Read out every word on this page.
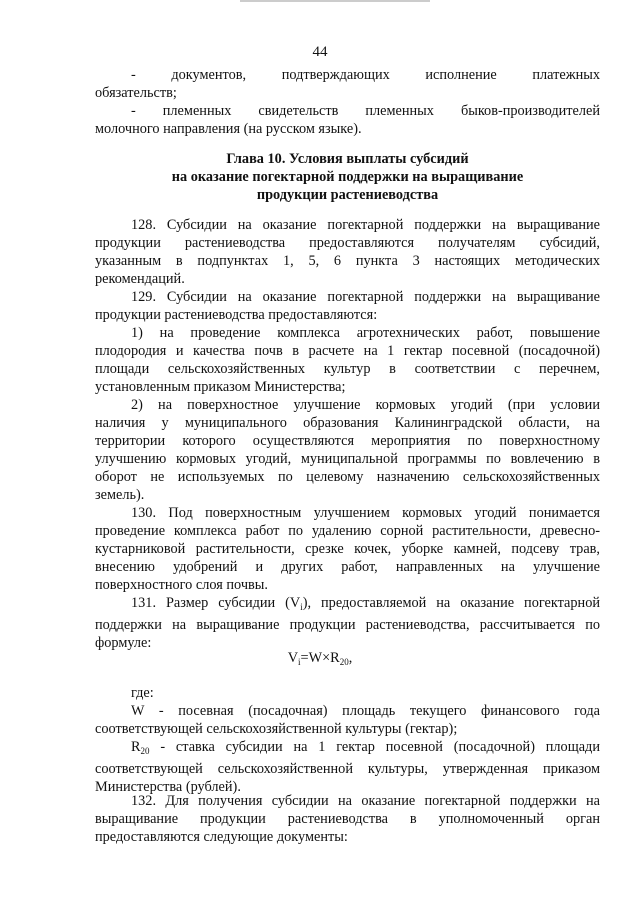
44
- документов, подтверждающих исполнение платежных
обязательств;
- племенных свидетельств племенных быков-производителей
молочного направления (на русском языке).
Глава 10. Условия выплаты субсидий
на оказание погектарной поддержки на выращивание
продукции растениеводства
128. Субсидии на оказание погектарной поддержки на выращивание
продукции растениеводства предоставляются получателям субсидий,
указанным в подпунктах 1, 5, 6 пункта 3 настоящих методических
рекомендаций.
129. Субсидии на оказание погектарной поддержки на выращивание
продукции растениеводства предоставляются:
1) на проведение комплекса агротехнических работ, повышение
плодородия и качества почв в расчете на 1 гектар посевной (посадочной)
площади сельскохозяйственных культур в соответствии с перечнем,
установленным приказом Министерства;
2) на поверхностное улучшение кормовых угодий (при условии
наличия у муниципального образования Калининградской области, на
территории которого осуществляются мероприятия по поверхностному
улучшению кормовых угодий, муниципальной программы по вовлечению в
оборот не используемых по целевому назначению сельскохозяйственных
земель).
130. Под поверхностным улучшением кормовых угодий понимается
проведение комплекса работ по удалению сорной растительности, древесно-
кустарниковой растительности, срезке кочек, уборке камней, подсеву трав,
внесению удобрений и других работ, направленных на улучшение
поверхностного слоя почвы.
131. Размер субсидии $(V_i)$, предоставляемой на оказание погектарной
поддержки на выращивание продукции растениеводства, рассчитывается по
формуле:
$V_i=W\times R_{20}$,
где:
W - посевная (посадочная) площадь текущего финансового года
соответствующей сельскохозяйственной культуры (гектар);
$R_{20}$ - ставка субсидии на 1 гектар посевной (посадочной) площади
соответствующей сельскохозяйственной культуры, утвержденная приказом
Министерства (рублей).
132. Для получения субсидии на оказание погектарной поддержки на
выращивание продукции растениеводства в уполномоченный орган
предоставляются следующие документы:
